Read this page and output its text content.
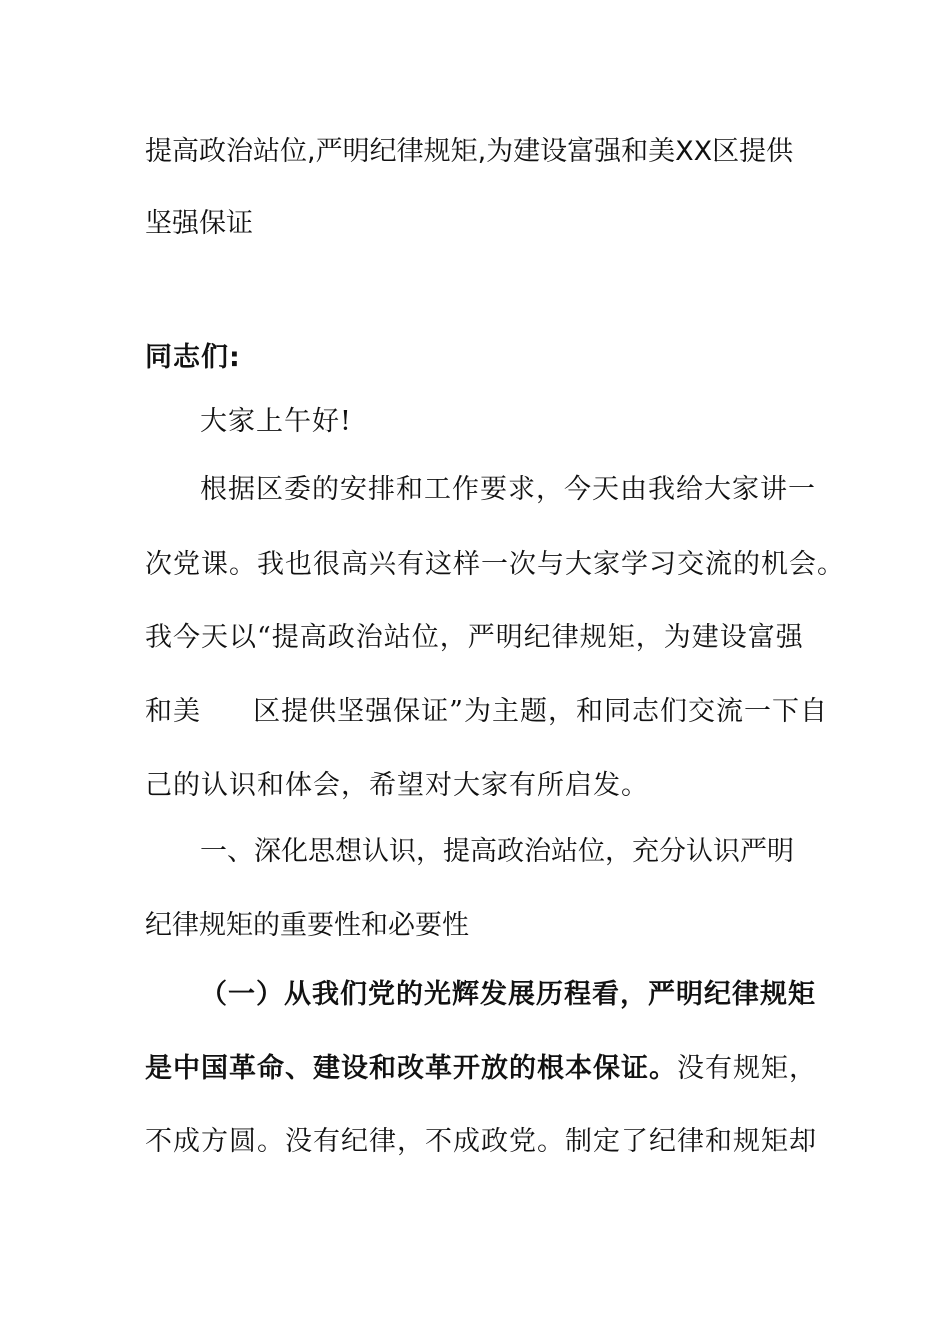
提高政治站位,严明纪律规矩,为建设富强和美XX区提供
坚强保证
同志们:
大家上午好!
根据区委的安排和工作要求，今天由我给大家讲一
次党课。我也很高兴有这样一次与大家学习交流的机会。
我今天以“提高政治站位，严明纪律规矩，为建设富强
和美ᅠᅠ区提供坚强保证”为主题，和同志们交流一下自
己的认识和体会，希望对大家有所启发。
一、深化思想认识，提高政治站位，充分认识严明
纪律规矩的重要性和必要性
（一）从我们党的光辉发展历程看，严明纪律规矩
是中国革命、建设和改革开放的根本保证。没有规矩，
不成方圆。没有纪律，不成政党。制定了纪律和规矩却
